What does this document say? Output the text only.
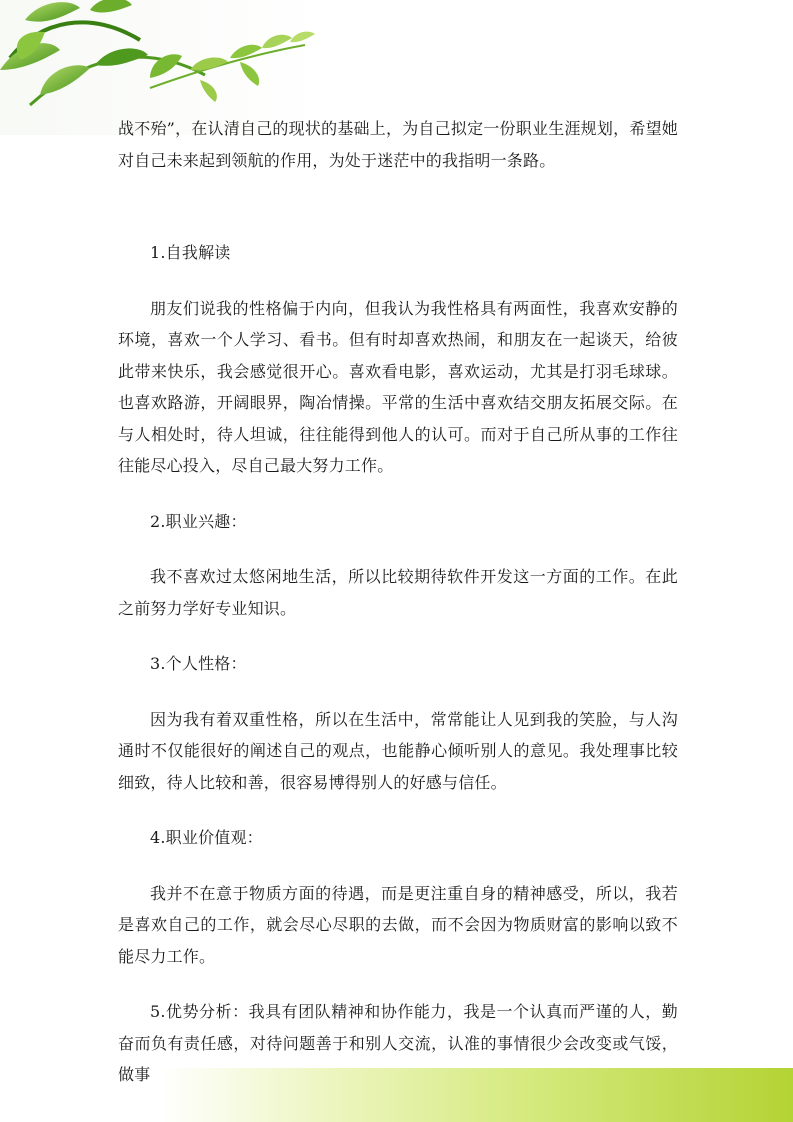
战不殆”，在认清自己的现状的基础上，为自己拟定一份职业生涯规划，希望她对自己未来起到领航的作用，为处于迷茫中的我指明一条路。

1.自我解读

朋友们说我的性格偏于内向，但我认为我性格具有两面性，我喜欢安静的环境，喜欢一个人学习、看书。但有时却喜欢热闹，和朋友在一起谈天，给彼此带来快乐，我会感觉很开心。喜欢看电影，喜欢运动，尤其是打羽毛球球。也喜欢路游，开阔眼界，陶冶情操。平常的生活中喜欢结交朋友拓展交际。在与人相处时，待人坦诚，往往能得到他人的认可。而对于自己所从事的工作往往能尽心投入，尽自己最大努力工作。

2.职业兴趣：

我不喜欢过太悠闲地生活，所以比较期待软件开发这一方面的工作。在此之前努力学好专业知识。

3.个人性格：

因为我有着双重性格，所以在生活中，常常能让人见到我的笑脸，与人沟通时不仅能很好的阐述自己的观点，也能静心倾听别人的意见。我处理事比较细致，待人比较和善，很容易博得别人的好感与信任。

4.职业价值观：

我并不在意于物质方面的待遇，而是更注重自身的精神感受，所以，我若是喜欢自己的工作，就会尽心尽职的去做，而不会因为物质财富的影响以致不能尽力工作。

5.优势分析：我具有团队精神和协作能力，我是一个认真而严谨的人，勤奋而负有责任感，对待问题善于和别人交流，认准的事情很少会改变或气馁，做事
